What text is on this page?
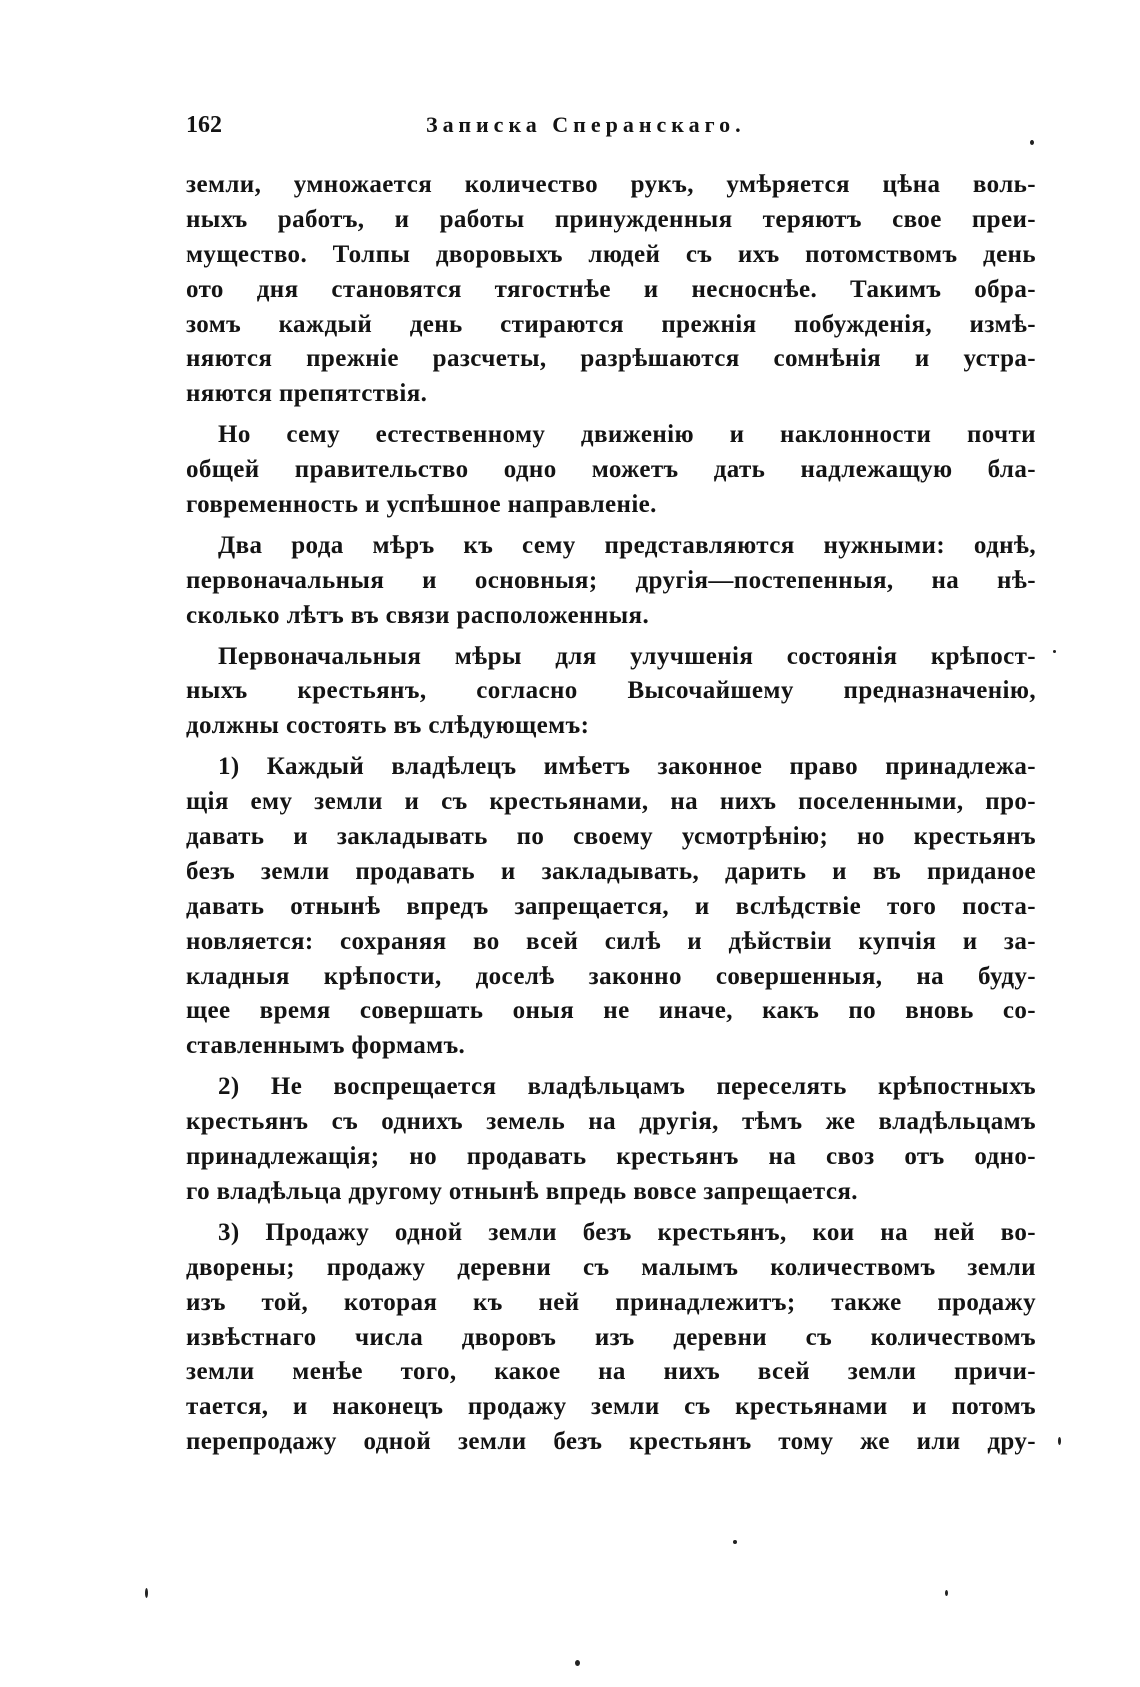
162	Записка Сперанскаго.
земли, умножается количество рукъ, умѣряется цѣна воль-
ныхъ работъ, и работы принужденныя теряютъ свое преи-
мущество. Толпы дворовыхъ людей съ ихъ потомствомъ день
ото дня становятся тягостнѣе и несноснѣе. Такимъ обра-
зомъ каждый день стираются прежнія побужденія, измѣ-
няются прежніе разсчеты, разрѣшаются сомнѣнія и устра-
няются препятствія.
Но сему естественному движенію и наклонности почти
общей правительство одно можетъ дать надлежащую бла-
говременность и успѣшное направленіе.
Два рода мѣръ къ сему представляются нужными: однѣ,
первоначальныя и основныя; другія—постепенныя, на нѣ-
сколько лѣтъ въ связи расположенныя.
Первоначальныя мѣры для улучшенія состоянія крѣпост-
ныхъ крестьянъ, согласно Высочайшему предназначенію,
должны состоять въ слѣдующемъ:
1) Каждый владѣлецъ имѣетъ законное право принадлежа-
щія ему земли и съ крестьянами, на нихъ поселенными, про-
давать и закладывать по своему усмотрѣнію; но крестьянъ
безъ земли продавать и закладывать, дарить и въ приданое
давать отнынѣ впредъ запрещается, и вслѣдствіе того поста-
новляется: сохраняя во всей силѣ и дѣйствіи купчія и за-
кладныя крѣпости, доселѣ законно совершенныя, на буду-
щее время совершать оныя не иначе, какъ по вновь со-
ставленнымъ формамъ.
2) Не воспрещается владѣльцамъ переселять крѣпостныхъ
крестьянъ съ однихъ земель на другія, тѣмъ же владѣльцамъ
принадлежащія; но продавать крестьянъ на своз отъ одно-
го владѣльца другому отнынѣ впредь вовсе запрещается.
3) Продажу одной земли безъ крестьянъ, кои на ней во-
дворены; продажу деревни съ малымъ количествомъ земли
изъ той, которая къ ней принадлежитъ; также продажу
извѣстнаго числа дворовъ изъ деревни съ количествомъ
земли менѣе того, какое на нихъ всей земли причи-
тается, и наконецъ продажу земли съ крестьянами и потомъ
перепродажу одной земли безъ крестьянъ тому же или дру-
